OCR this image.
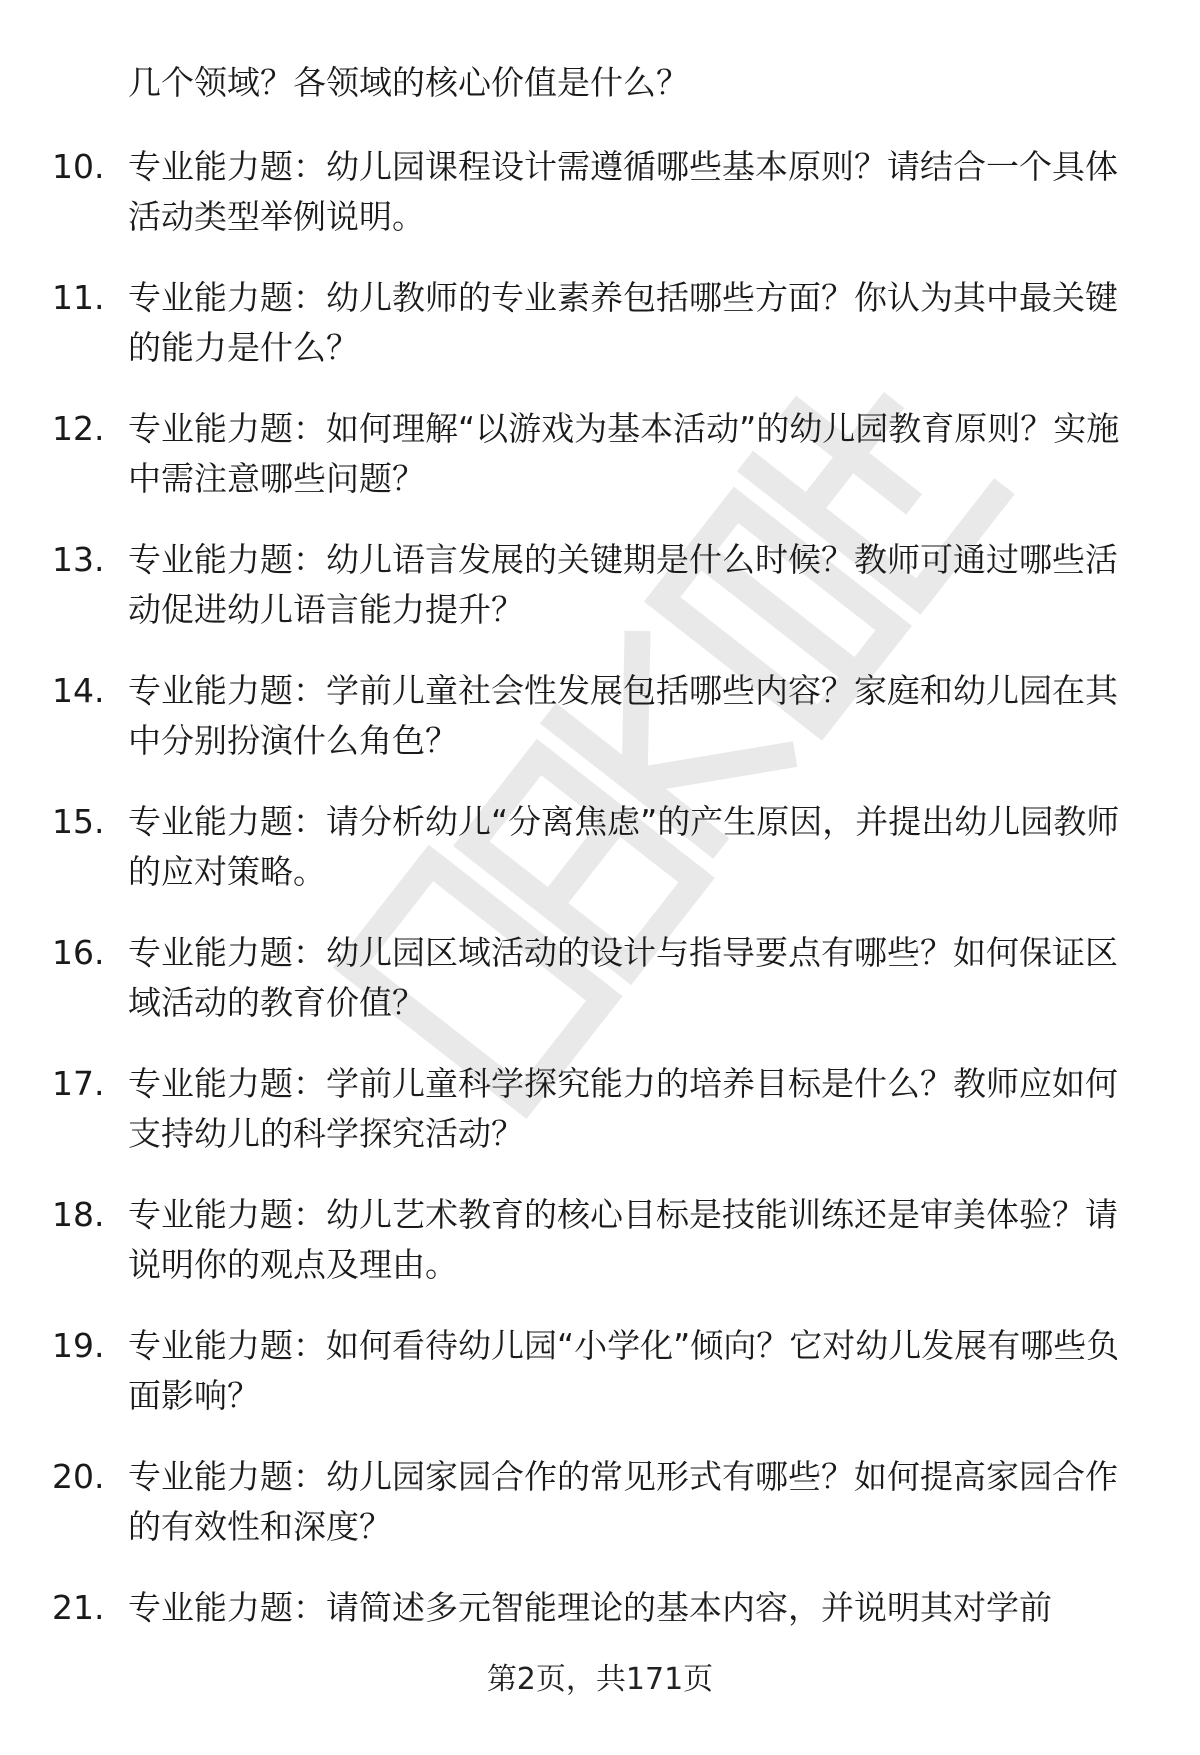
几个领域？各领域的核心价值是什么？
10. 专业能力题：幼儿园课程设计需遵循哪些基本原则？请结合一个具体活动类型举例说明。
11. 专业能力题：幼儿教师的专业素养包括哪些方面？你认为其中最关键的能力是什么？
12. 专业能力题：如何理解“以游戏为基本活动”的幼儿园教育原则？实施中需注意哪些问题？
13. 专业能力题：幼儿语言发展的关键期是什么时候？教师可通过哪些活动促进幼儿语言能力提升？
14. 专业能力题：学前儿童社会性发展包括哪些内容？家庭和幼儿园在其中分别扮演什么角色？
15. 专业能力题：请分析幼儿“分离焦虑”的产生原因，并提出幼儿园教师的应对策略。
16. 专业能力题：幼儿园区域活动的设计与指导要点有哪些？如何保证区域活动的教育价值？
17. 专业能力题：学前儿童科学探究能力的培养目标是什么？教师应如何支持幼儿的科学探究活动？
18. 专业能力题：幼儿艺术教育的核心目标是技能训练还是审美体验？请说明你的观点及理由。
19. 专业能力题：如何看待幼儿园“小学化”倾向？它对幼儿发展有哪些负面影响？
20. 专业能力题：幼儿园家园合作的常见形式有哪些？如何提高家园合作的有效性和深度？
21. 专业能力题：请简述多元智能理论的基本内容，并说明其对学前
第2页，共171页
